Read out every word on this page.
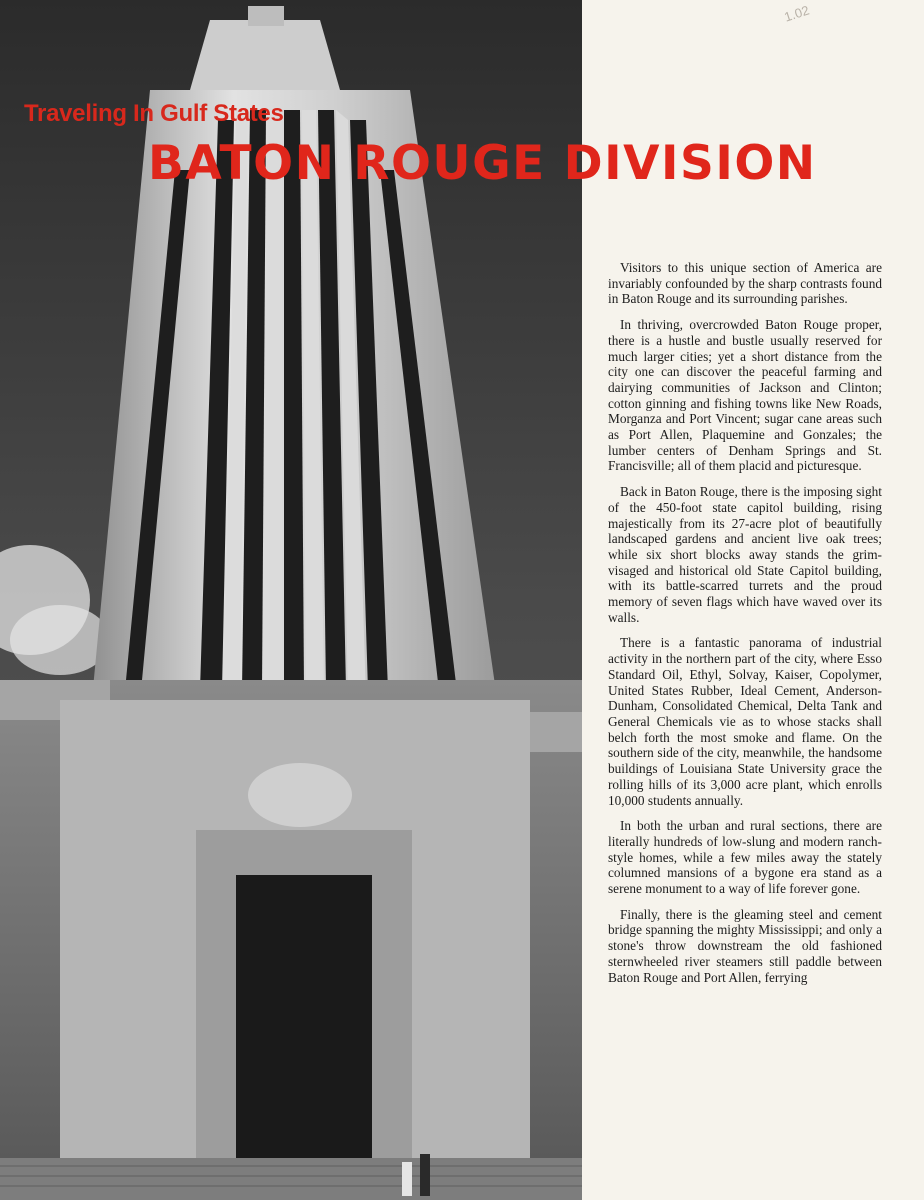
1.02
Traveling In Gulf States
BATON ROUGE DIVISION

Visitors to this unique section of America are invariably confounded by the sharp contrasts found in Baton Rouge and its surrounding parishes.

In thriving, overcrowded Baton Rouge proper, there is a hustle and bustle usually reserved for much larger cities; yet a short distance from the city one can discover the peaceful farming and dairying communities of Jackson and Clinton; cotton ginning and fishing towns like New Roads, Morganza and Port Vincent; sugar cane areas such as Port Allen, Plaquemine and Gonzales; the lumber centers of Denham Springs and St. Francisville; all of them placid and picturesque.

Back in Baton Rouge, there is the imposing sight of the 450-foot state capitol building, rising majestically from its 27-acre plot of beautifully landscaped gardens and ancient live oak trees; while six short blocks away stands the grim-visaged and historical old State Capitol building, with its battle-scarred turrets and the proud memory of seven flags which have waved over its walls.

There is a fantastic panorama of industrial activity in the northern part of the city, where Esso Standard Oil, Ethyl, Solvay, Kaiser, Copolymer, United States Rubber, Ideal Cement, Anderson-Dunham, Consolidated Chemical, Delta Tank and General Chemicals vie as to whose stacks shall belch forth the most smoke and flame. On the southern side of the city, meanwhile, the handsome buildings of Louisiana State University grace the rolling hills of its 3,000 acre plant, which enrolls 10,000 students annually.

In both the urban and rural sections, there are literally hundreds of low-slung and modern ranch-style homes, while a few miles away the stately columned mansions of a bygone era stand as a serene monument to a way of life forever gone.

Finally, there is the gleaming steel and cement bridge spanning the mighty Mississippi; and only a stone's throw downstream the old fashioned sternwheeled river steamers still paddle between Baton Rouge and Port Allen, ferrying
